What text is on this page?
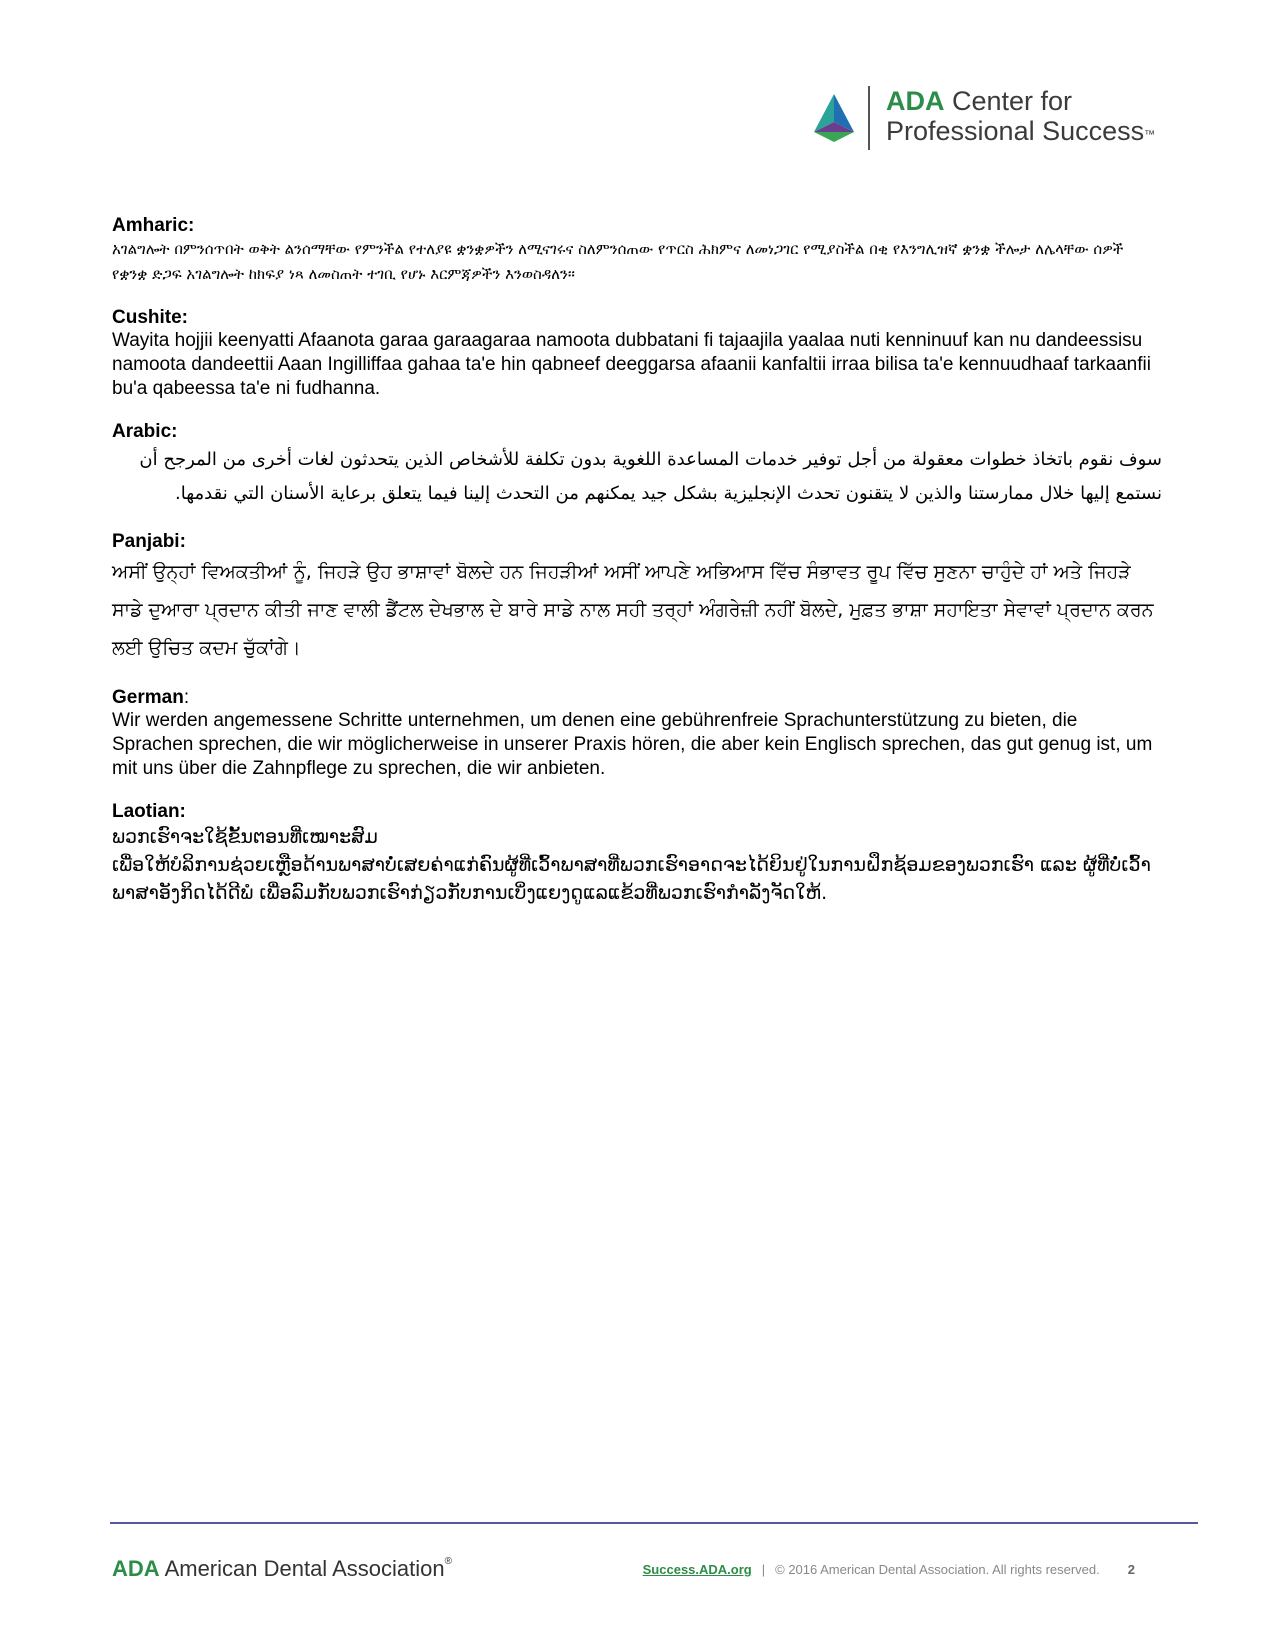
ADA Center for
Professional Success™
Amharic:
አገልግሎት በምንሰጥበት ወቅት ልንሰማቸው የምንችል የተለያዩ ቋንቋዎችን ለሚናገሩና ስለምንሰጠው የጥርስ ሕክምና ለመነጋገር የሚያስችል በቂ የእንግሊዝኛ ቋንቋ ችሎታ ለሌላቸው ሰዎች የቋንቋ ድጋፍ አገልግሎት ከክፍያ ነጻ ለመስጠት ተገቢ የሆኑ እርምጃዎችን እንወስዳለን፡፡
Cushite:
Wayita hojjii keenyatti Afaanota garaa garaagaraa namoota dubbatani fi tajaajila yaalaa nuti kenninuuf kan nu dandeessisu namoota dandeettii Aaan Ingilliffaa gahaa ta'e hin qabneef deeggarsa afaanii kanfaltii irraa bilisa ta'e kennuudhaaf tarkaanfii bu'a qabeessa ta'e ni fudhanna.
Arabic:
سوف نقوم باتخاذ خطوات معقولة من أجل توفير خدمات المساعدة اللغوية بدون تكلفة للأشخاص الذين يتحدثون لغات أخرى من المرجح أن نستمع إليها خلال ممارستنا والذين لا يتقنون تحدث الإنجليزية بشكل جيد يمكنهم من التحدث إلينا فيما يتعلق برعاية الأسنان التي نقدمها.
Panjabi:
ਅਸੀਂ ਉਨ੍ਹਾਂ ਵਿਅਕਤੀਆਂ ਨੂੰ, ਜਿਹੜੇ ਉਹ ਭਾਸ਼ਾਵਾਂ ਬੋਲਦੇ ਹਨ ਜਿਹੜੀਆਂ ਅਸੀਂ ਆਪਣੇ ਅਭਿਆਸ ਵਿੱਚ ਸੰਭਾਵਤ ਰੂਪ ਵਿੱਚ ਸੁਣਨਾ ਚਾਹੁੰਦੇ ਹਾਂ ਅਤੇ ਜਿਹੜੇ ਸਾਡੇ ਦੁਆਰਾ ਪ੍ਰਦਾਨ ਕੀਤੀ ਜਾਣ ਵਾਲੀ ਡੈਂਟਲ ਦੇਖਭਾਲ ਦੇ ਬਾਰੇ ਸਾਡੇ ਨਾਲ ਸਹੀ ਤਰ੍ਹਾਂ ਅੰਗਰੇਜ਼ੀ ਨਹੀਂ ਬੋਲਦੇ, ਮੁਫ਼ਤ ਭਾਸ਼ਾ ਸਹਾਇਤਾ ਸੇਵਾਵਾਂ ਪ੍ਰਦਾਨ ਕਰਨ ਲਈ ਉਚਿਤ ਕਦਮ ਚੁੱਕਾਂਗੇ।
German:
Wir werden angemessene Schritte unternehmen, um denen eine gebührenfreie Sprachunterstützung zu bieten, die Sprachen sprechen, die wir möglicherweise in unserer Praxis hören, die aber kein Englisch sprechen, das gut genug ist, um mit uns über die Zahnpflege zu sprechen, die wir anbieten.
Laotian:
ພວກເຮົາຈະໃຊ້ຂັ້ນຕອນທີ່ເໝາະສົມ
ເພື່ອໃຫ້ບໍລິການຊ່ວຍເຫຼືອດ້ານພາສາບໍ່ເສຍຄ່າແກ່ຄົນຜູ້ທີ່ເວົ້າພາສາທີ່ພວກເຮົາອາດຈະໄດ້ຍິນຢູ່ໃນການຝຶກຊ້ອມຂອງພວກເຮົາ ແລະ ຜູ້ທີ່ບໍ່ເວົ້າພາສາອັງກິດໄດ້ດີພໍ ເພື່ອລົມກັບພວກເຮົາກ່ຽວກັບການເບິ່ງແຍງດູແລແຂ້ວທີ່ພວກເຮົາກໍາລັງຈັດໃຫ້.
ADA American Dental Association®
Success.ADA.org | © 2016 American Dental Association. All rights reserved. 2
